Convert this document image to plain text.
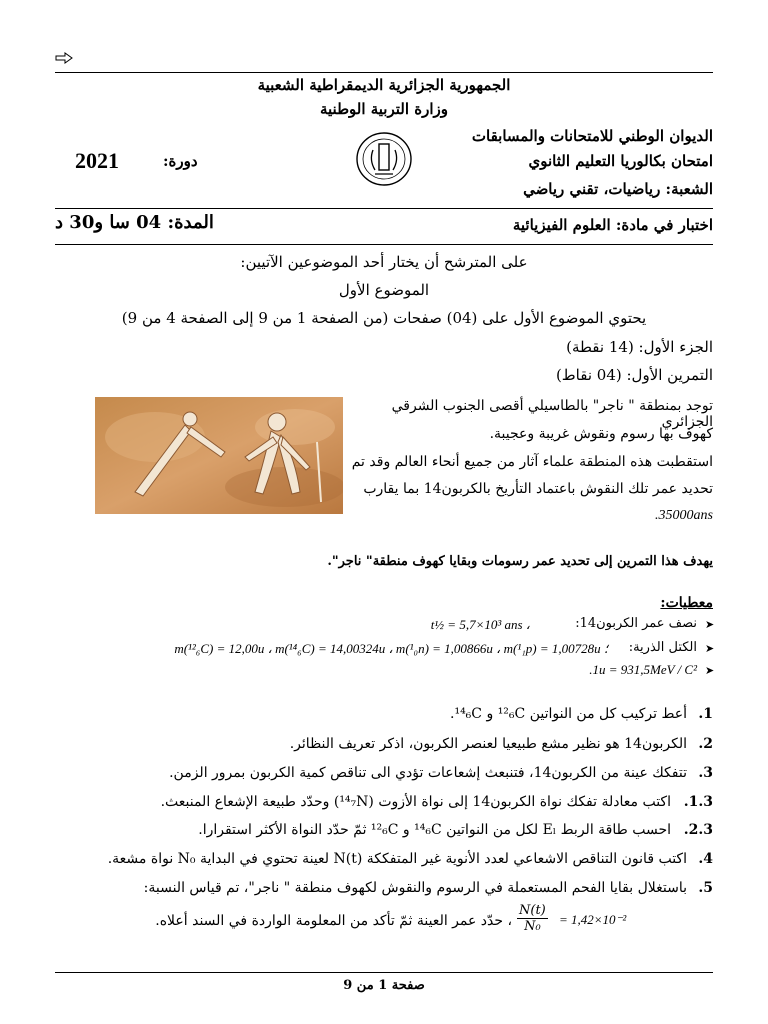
الجمهورية الجزائرية الديمقراطية الشعبية
وزارة التربية الوطنية
الديوان الوطني للامتحانات والمسابقات
امتحان بكالوريا التعليم الثانوي
الشعبة: رياضيات، تقني رياضي
2021	دورة:
اختبار في مادة: العلوم الفيزيائية
المدة: 04 سا و30 د
على المترشح أن يختار أحد الموضوعين الآتيين:
الموضوع الأول
يحتوي الموضوع الأول على (04) صفحات (من الصفحة 1 من 9 إلى الصفحة 4 من 9)
الجزء الأول: (14 نقطة)
التمرين الأول: (04 نقاط)
توجد بمنطقة " ناجر" بالطاسيلي أقصى الجنوب الشرقي الجزائري
كهوف بها رسوم ونقوش غريبة وعجيبة.
استقطبت هذه المنطقة علماء آثار من جميع أنحاء العالم وقد تم
تحديد عمر تلك النقوش باعتماد التأريخ بالكربون14 بما يقارب
.35000ans
يهدف هذا التمرين إلى تحديد عمر رسومات وبقايا كهوف منطقة" ناجر".
معطيات:
➤
نصف عمر الكربون14:
t½ = 5,7×10³ ans ،
➤
الكتل الذرية:
m(¹²₆C) = 12,00u ، m(¹⁴₆C) = 14,00324u ، m(¹₀n) = 1,00866u ، m(¹₁p) = 1,00728u ؛
➤
.1u = 931,5MeV / C²
.1
أعط تركيب كل من النواتين ¹²₆C و ¹⁴₆C.
.2
الكربون14 هو نظير مشع طبيعيا لعنصر الكربون، اذكر تعريف النظائر.
.3
تتفكك عينة من الكربون14، فتنبعث إشعاعات تؤدي الى تناقص كمية الكربون بمرور الزمن.
.1.3
اكتب معادلة تفكك نواة الكربون14 إلى نواة الأزوت (¹⁴₇N) وحدّد طبيعة الإشعاع المنبعث.
.2.3
احسب طاقة الربط Eₗ لكل من النواتين ¹⁴₆C و ¹²₆C ثمّ حدّد النواة الأكثر استقرارا.
.4
اكتب قانون التناقص الاشعاعي لعدد الأنوية غير المتفككة N(t) لعينة تحتوي في البداية N₀ نواة مشعة.
.5
باستغلال بقايا الفحم المستعملة في الرسوم والنقوش لكهوف منطقة " ناجر"، تم قياس النسبة:
، حدّد عمر العينة ثمّ تأكد من المعلومة الواردة في السند أعلاه. $\frac{N(t)}{\text{N₀}} = 1,42\times 10^{-2}$
صفحة 1 من 9
